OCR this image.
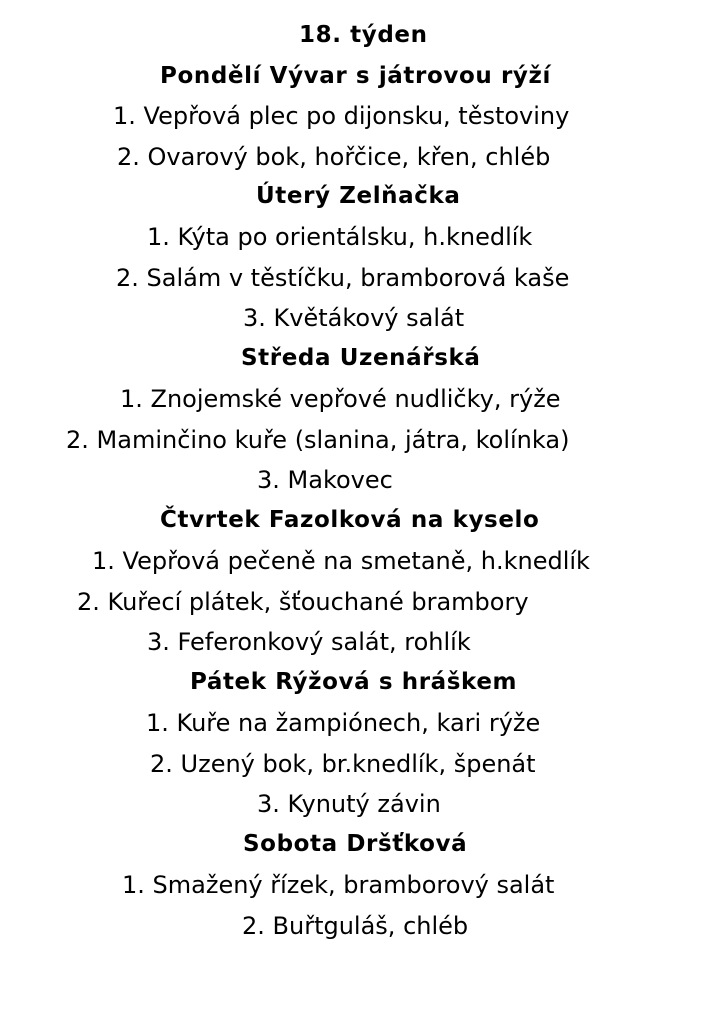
18. týden
Pondělí Vývar s játrovou rýží
1. Vepřová plec po dijonsku, těstoviny
2. Ovarový bok, hořčice, křen, chléb
Úterý Zelňačka
1. Kýta po orientálsku, h.knedlík
2. Salám v těstíčku, bramborová kaše
3. Květákový salát
Středa Uzenářská
1. Znojemské vepřové nudličky, rýže
2. Maminčino kuře (slanina, játra, kolínka)
3. Makovec
Čtvrtek Fazolková na kyselo
1. Vepřová pečeně na smetaně, h.knedlík
2. Kuřecí plátek, šťouchané brambory
3. Feferonkový salát, rohlík
Pátek Rýžová s hráškem
1. Kuře na žampiónech, kari rýže
2. Uzený bok, br.knedlík, špenát
3. Kynutý závin
Sobota Dršťková
1. Smažený řízek, bramborový salát
2. Buřtguláš, chléb
